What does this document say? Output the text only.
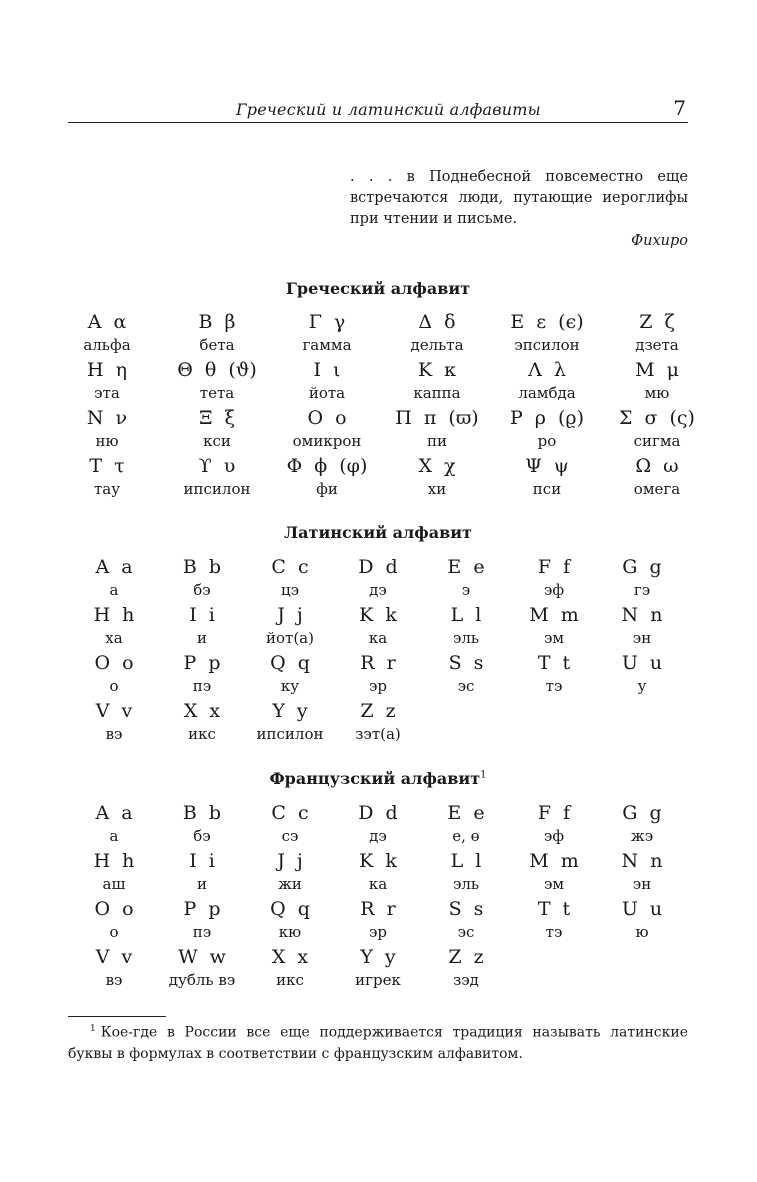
Греческий и латинский алфавиты	7
. . . в Поднебесной повсеместно еще встречаются люди, путающие иероглифы при чтении и письме.
Фихиро
Греческий алфавит
Α α
альфа
Β β
бета
Γ γ
гамма
Δ δ
дельта
Ε ε (ϵ)
эпсилон
Ζ ζ
дзета
Η η
эта
Θ θ (ϑ)
тета
Ι ι
йота
Κ κ
каппа
Λ λ
ламбда
Μ μ
мю
Ν ν
ню
Ξ ξ
кси
Ο ο
омикрон
Π π (ϖ)
пи
Ρ ρ (ϱ)
ро
Σ σ (ς)
сигма
Τ τ
тау
ϒ υ
ипсилон
Φ ϕ (φ)
фи
Χ χ
хи
Ψ ψ
пси
Ω ω
омега
Латинский алфавит
A a
а
B b
бэ
C c
цэ
D d
дэ
E e
э
F f
эф
G g
гэ
H h
ха
I i
и
J j
йот(а)
K k
ка
L l
эль
M m
эм
N n
эн
O o
о
P p
пэ
Q q
ку
R r
эр
S s
эс
T t
тэ
U u
у
V v
вэ
X x
икс
Y y
ипсилон
Z z
зэт(а)
Французский алфавит$^1$
A a
а
B b
бэ
C c
сэ
D d
дэ
E e
е, ө
F f
эф
G g
жэ
H h
аш
I i
и
J j
жи
K k
ка
L l
эль
M m
эм
N n
эн
O o
о
P p
пэ
Q q
кю
R r
эр
S s
эс
T t
тэ
U u
ю
V v
вэ
W w
дубль вэ
X x
икс
Y y
игрек
Z z
зэд
$^1$ Кое-где в России все еще поддерживается традиция называть латинские буквы в формулах в соответствии с французским алфавитом.
